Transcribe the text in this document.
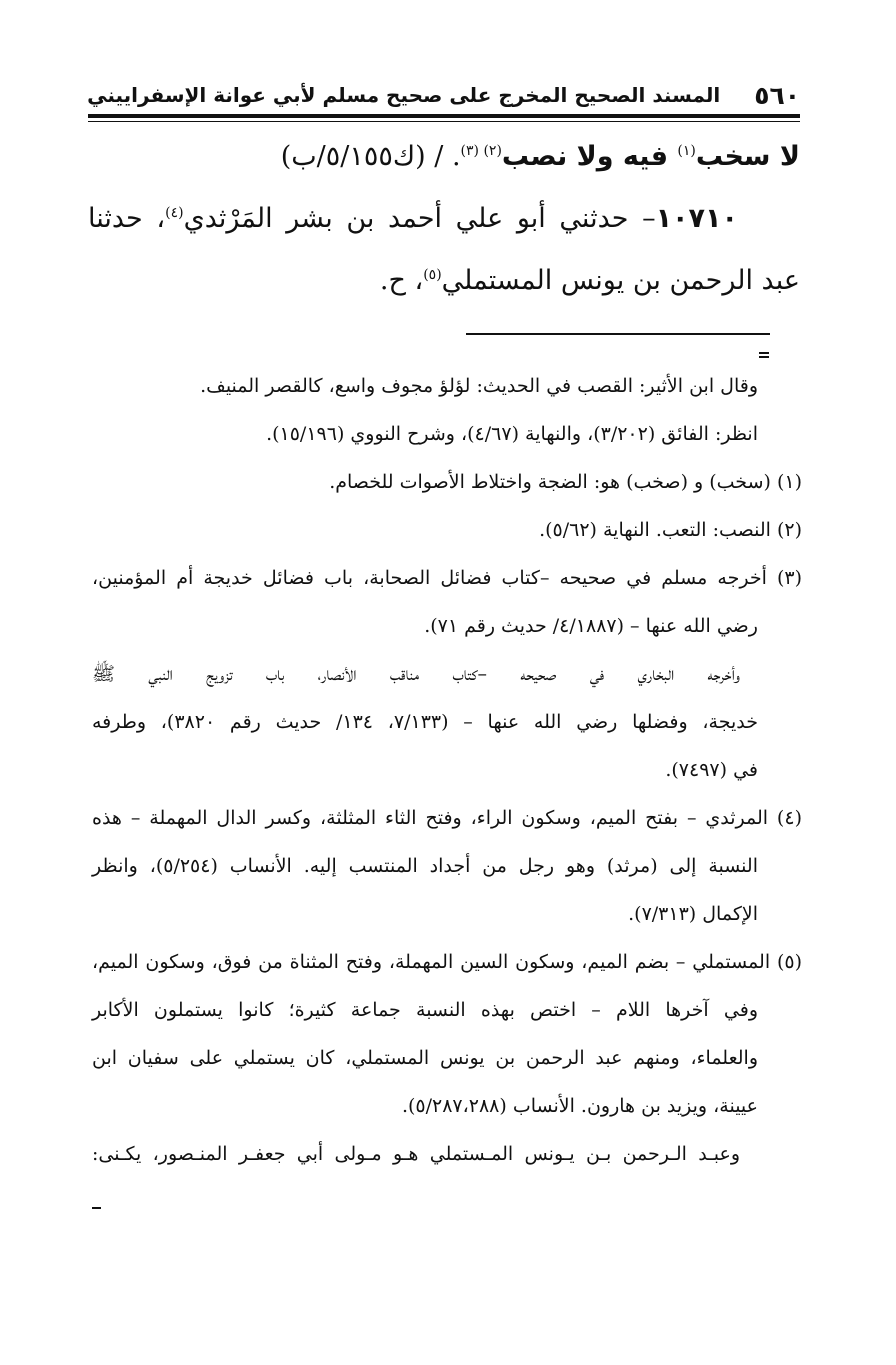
٥٦٠
المسند الصحيح المخرج على صحيح مسلم لأبي عوانة الإسفراييني
لا سخب$^{(١)}$ فيه ولا نصب$^{(٢) (٣)}$. / (ك٥/١٥٥/ب)
١٠٧١٠– حدثني أبو علي أحمد بن بشر المَرْثدي$^{(٤)}$، حدثنا
عبد الرحمن بن يونس المستملي$^{(٥)}$، ح.
وقال ابن الأثير: القصب في الحديث: لؤلؤ مجوف واسع، كالقصر المنيف.
انظر: الفائق (٣/٢٠٢)، والنهاية (٤/٦٧)، وشرح النووي (١٥/١٩٦).
(١) (سخب) و (صخب) هو: الضجة واختلاط الأصوات للخصام.
(٢) النصب: التعب. النهاية (٥/٦٢).
(٣) أخرجه مسلم في صحيحه –كتاب فضائل الصحابة، باب فضائل خديجة أم المؤمنين،
رضي الله عنها – (٤/١٨٨٧/ حديث رقم ٧١).
وأخرجه البخاري في صحيحه –كتاب مناقب الأنصار، باب تزويج النبي ﷺ
خديجة، وفضلها رضي الله عنها – (٧/١٣٣، ١٣٤/ حديث رقم ٣٨٢٠)، وطرفه
في (٧٤٩٧).
(٤) المرثدي – بفتح الميم، وسكون الراء، وفتح الثاء المثلثة، وكسر الدال المهملة – هذه
النسبة إلى (مرثد) وهو رجل من أجداد المنتسب إليه. الأنساب (٥/٢٥٤)، وانظر
الإكمال (٧/٣١٣).
(٥) المستملي – بضم الميم، وسكون السين المهملة، وفتح المثناة من فوق، وسكون الميم،
وفي آخرها اللام – اختص بهذه النسبة جماعة كثيرة؛ كانوا يستملون الأكابر
والعلماء، ومنهم عبد الرحمن بن يونس المستملي، كان يستملي على سفيان ابن
عيينة، ويزيد بن هارون. الأنساب (٥/٢٨٧،٢٨٨).
وعبـد الـرحمن بـن يـونس المـستملي هـو مـولى أبي جعفـر المنـصور، يكـنى:
